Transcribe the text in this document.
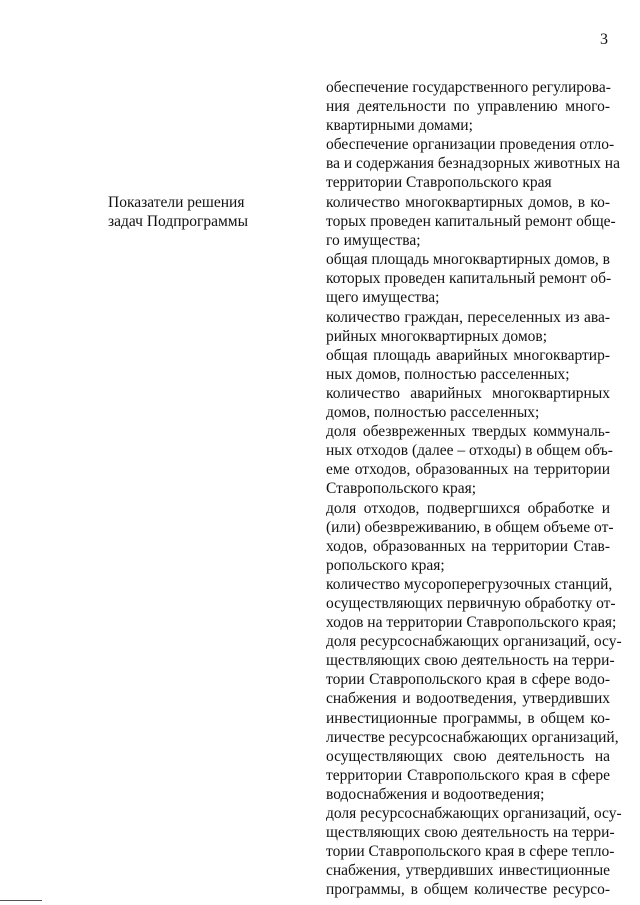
3
Показатели решения
задач Подпрограммы
обеспечение государственного регулирова-
ния деятельности по управлению много-
квартирными домами;
обеспечение организации проведения отло-
ва и содержания безнадзорных животных на
территории Ставропольского края
количество многоквартирных домов, в ко-
торых проведен капитальный ремонт обще-
го имущества;
общая площадь многоквартирных домов, в
которых проведен капитальный ремонт об-
щего имущества;
количество граждан, переселенных из ава-
рийных многоквартирных домов;
общая площадь аварийных многоквартир-
ных домов, полностью расселенных;
количество аварийных многоквартирных
домов, полностью расселенных;
доля обезвреженных твердых коммуналь-
ных отходов (далее – отходы) в общем объ-
еме отходов, образованных на территории
Ставропольского края;
доля отходов, подвергшихся обработке и
(или) обезвреживанию, в общем объеме от-
ходов, образованных на территории Став-
ропольского края;
количество мусороперегрузочных станций,
осуществляющих первичную обработку от-
ходов на территории Ставропольского края;
доля ресурсоснабжающих организаций, осу-
ществляющих свою деятельность на терри-
тории Ставропольского края в сфере водо-
снабжения и водоотведения, утвердивших
инвестиционные программы, в общем ко-
личестве ресурсоснабжающих организаций,
осуществляющих свою деятельность на
территории Ставропольского края в сфере
водоснабжения и водоотведения;
доля ресурсоснабжающих организаций, осу-
ществляющих свою деятельность на терри-
тории Ставропольского края в сфере тепло-
снабжения, утвердивших инвестиционные
программы, в общем количестве ресурсо-
